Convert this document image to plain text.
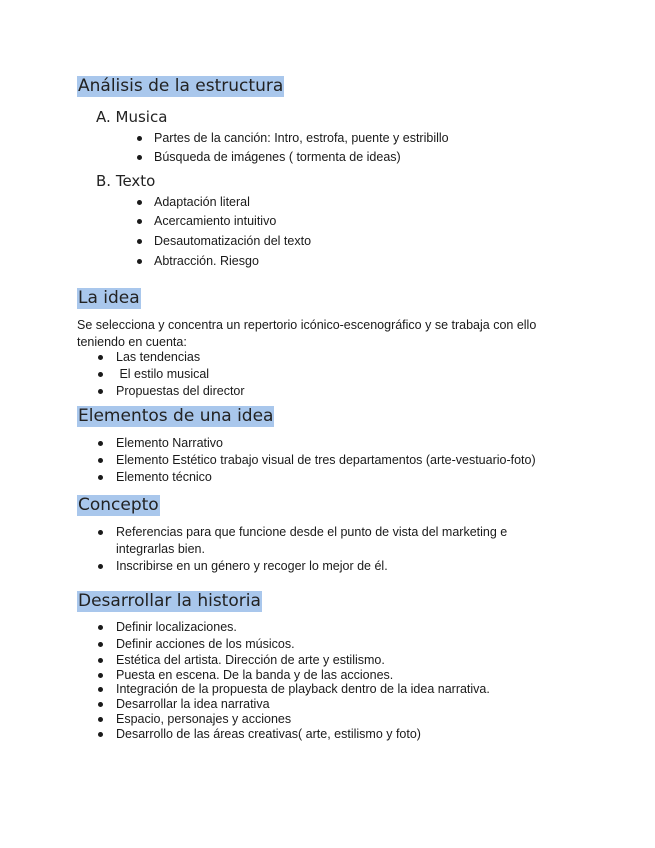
Análisis de la estructura
A. Musica
Partes de la canción: Intro, estrofa, puente y estribillo
Búsqueda de imágenes ( tormenta de ideas)
B. Texto
Adaptación literal
Acercamiento intuitivo
Desautomatización del texto
Abtracción. Riesgo
La idea
Se selecciona y concentra un repertorio icónico-escenográfico y se trabaja con ello
teniendo en cuenta:
Las tendencias
El estilo musical
Propuestas del director
Elementos de una idea
Elemento Narrativo
Elemento Estético trabajo visual de tres departamentos (arte-vestuario-foto)
Elemento técnico
Concepto
Referencias para que funcione desde el punto de vista del marketing e
integrarlas bien.
Inscribirse en un género y recoger lo mejor de él.
Desarrollar la historia
Definir localizaciones.
Definir acciones de los músicos.
Estética del artista. Dirección de arte y estilismo.
Puesta en escena. De la banda y de las acciones.
Integración de la propuesta de playback dentro de la idea narrativa.
Desarrollar la idea narrativa
Espacio, personajes y acciones
Desarrollo de las áreas creativas( arte, estilismo y foto)
